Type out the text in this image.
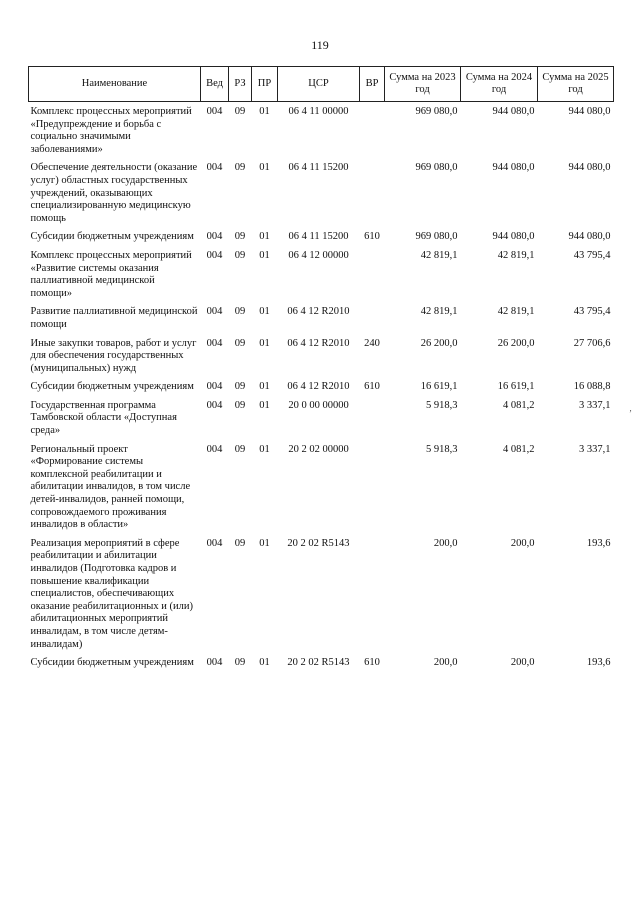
119
Наименование	Вед	РЗ	ПР	ЦСР	ВР	Сумма на 2023 год	Сумма на 2024 год	Сумма на 2025 год
Комплекс процессных мероприятий «Предупреждение и борьба с социально значимыми заболеваниями»	004	09	01	06 4 11 00000		969 080,0	944 080,0	944 080,0
Обеспечение деятельности (оказание услуг) областных государственных учреждений, оказывающих специализированную медицинскую помощь	004	09	01	06 4 11 15200		969 080,0	944 080,0	944 080,0
Субсидии бюджетным учреждениям	004	09	01	06 4 11 15200	610	969 080,0	944 080,0	944 080,0
Комплекс процессных мероприятий «Развитие системы оказания паллиативной медицинской помощи»	004	09	01	06 4 12 00000		42 819,1	42 819,1	43 795,4
Развитие паллиативной медицинской помощи	004	09	01	06 4 12 R2010		42 819,1	42 819,1	43 795,4
Иные закупки товаров, работ и услуг для обеспечения государственных (муниципальных) нужд	004	09	01	06 4 12 R2010	240	26 200,0	26 200,0	27 706,6
Субсидии бюджетным учреждениям	004	09	01	06 4 12 R2010	610	16 619,1	16 619,1	16 088,8
Государственная программа Тамбовской области «Доступная среда»	004	09	01	20 0 00 00000		5 918,3	4 081,2	3 337,1
Региональный проект «Формирование системы комплексной реабилитации и абилитации инвалидов, в том числе детей-инвалидов, ранней помощи, сопровождаемого проживания инвалидов в области»	004	09	01	20 2 02 00000		5 918,3	4 081,2	3 337,1
Реализация мероприятий в сфере реабилитации и абилитации инвалидов (Подготовка кадров и повышение квалификации специалистов, обеспечивающих оказание реабилитационных и (или) абилитационных мероприятий инвалидам, в том числе детям-инвалидам)	004	09	01	20 2 02 R5143		200,0	200,0	193,6
Субсидии бюджетным учреждениям	004	09	01	20 2 02 R5143	610	200,0	200,0	193,6
‚
